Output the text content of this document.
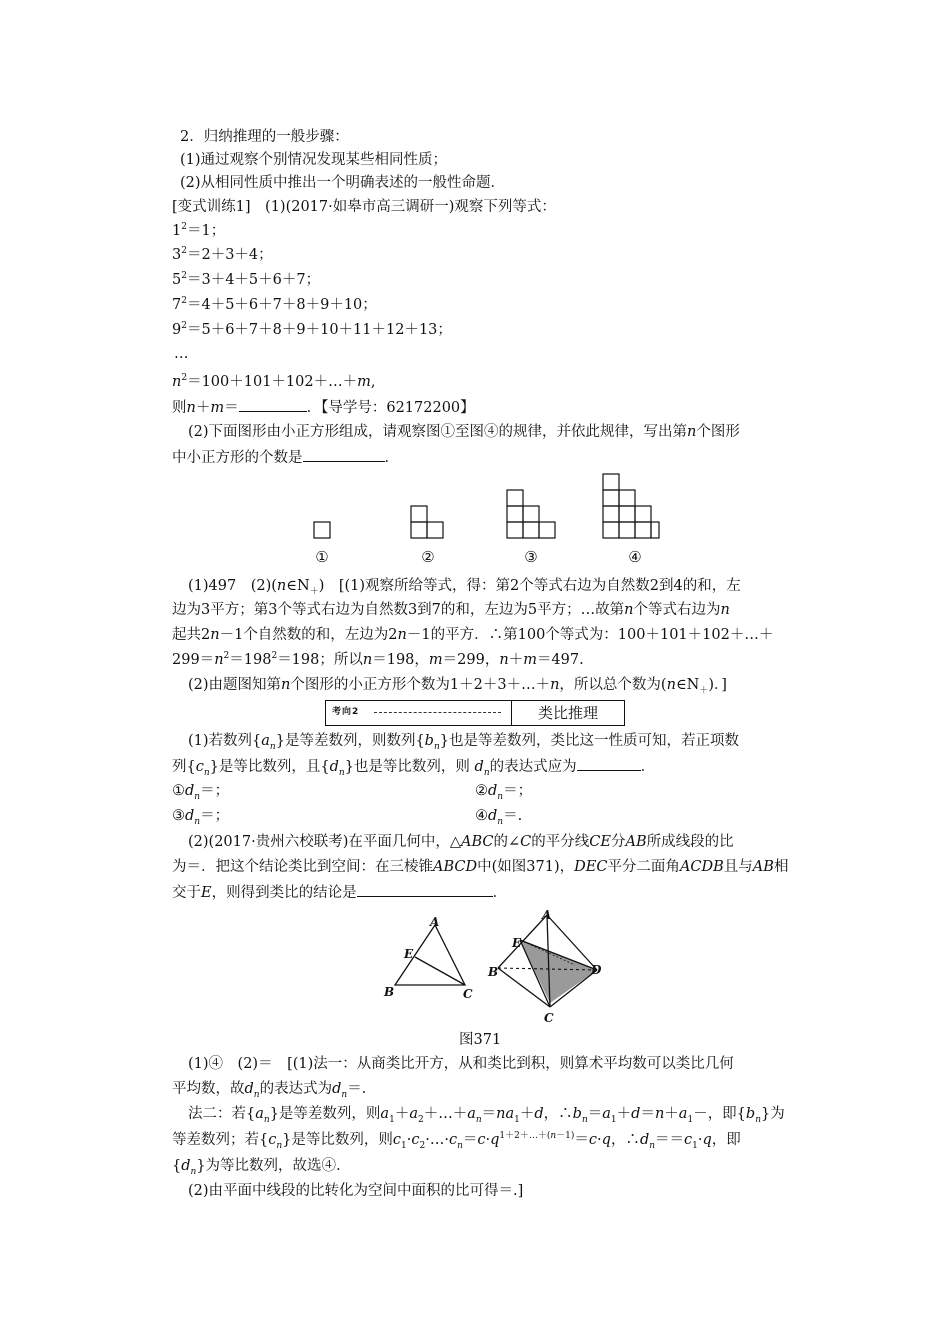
2．归纳推理的一般步骤：
(1)通过观察个别情况发现某些相同性质；
(2)从相同性质中推出一个明确表述的一般性命题．
[变式训练1]　(1)(2017·如皋市高三调研一)观察下列等式：
$1^2=1$；
$3^2=2+3+4$；
$5^2=3+4+5+6+7$；
$7^2=4+5+6+7+8+9+10$；
$9^2=5+6+7+8+9+10+11+12+13$；
…
$n^2=100+101+102+\dots+m$,
则n＋m＝	．【导学号：62172200】
(2)下面图形由小正方形组成，请观察图①至图④的规律，并依此规律，写出第n个图形
中小正方形的个数是	．
①	②	③	④
(1)497　$(2)(n\in N_+)$　[(1)观察所给等式，得：第2个等式右边为自然数2到4的和，左
边为3平方；第3个等式右边为自然数3到7的和，左边为5平方；…故第n个等式右边为n
起共2n－1个自然数的和，左边为2n－1的平方．∴第100个等式为：100＋101＋102＋…＋
$299=n^2=198^2=198$；所以n＝198，m＝299，n＋m＝497.
(2)由题图知第n个图形的小正方形个数为1＋2＋3＋…＋n，所以总个数为$(n\in N_+)$．]
考向2	类比推理
(1)若数列$\{a_n\}$是等差数列，则数列$\{b_n\}$也是等差数列，类比这一性质可知，若正项数
列$\{c_n\}$是等比数列，且$\{d_n\}$也是等比数列，则 $d_n$的表达式应为	．
$①d_n=$；	$②d_n=$；
$③d_n=$；	$④d_n=$.
(2)(2017·贵州六校联考)在平面几何中，△ABC的∠C的平分线CE分AB所成线段的比
为＝．把这个结论类比到空间：在三棱锥ABCD中(如图371)，DEC平分二面角ACDB且与AB相
交于E，则得到类比的结论是	．
A
E
B	C
A
E
B	D
C
图371
(1)④　(2)＝　[(1)法一：从商类比开方，从和类比到积，则算术平均数可以类比几何
平均数，故$d_n$的表达式为$d_n=$.
法二：若$\{a_n\}$是等差数列，则$a_1+a_2+\dots+a_n=na_1+d$，$\therefore b_n=a_1+d=n+a_1-$，即$\{b_n\}$为
等差数列；若$\{c_n\}$是等比数列，则$c_1\cdot c_2\cdot\dots\cdot c_n=c\cdot q^{1+2+\dots+(n-1)}=c\cdot q$，$\therefore d_n==c_1\cdot q$，即
$\{d_n\}$为等比数列，故选④.
(2)由平面中线段的比转化为空间中面积的比可得＝.]
